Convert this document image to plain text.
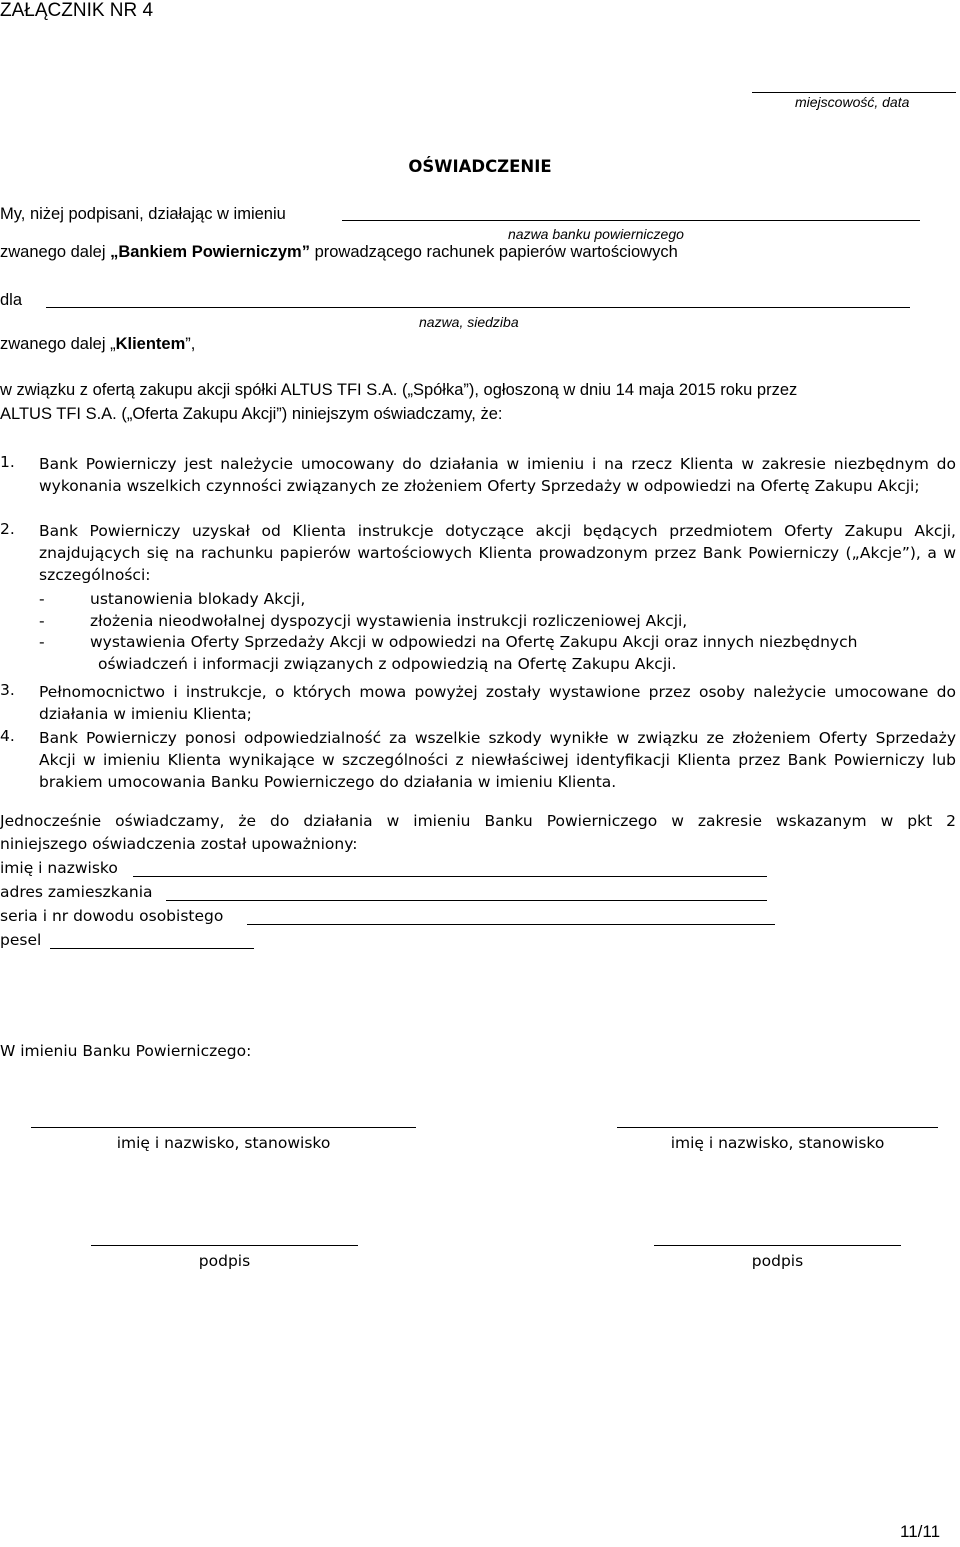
ZAŁĄCZNIK NR 4
miejscowość, data
OŚWIADCZENIE
My, niżej podpisani, działając w imieniu
nazwa banku powierniczego
zwanego dalej „Bankiem Powierniczym” prowadzącego rachunek papierów wartościowych
dla
nazwa, siedziba
zwanego dalej „Klientem”,
w związku z ofertą zakupu akcji spółki ALTUS TFI S.A. („Spółka”), ogłoszoną w dniu 14 maja 2015 roku przez
ALTUS TFI S.A. („Oferta Zakupu Akcji”) niniejszym oświadczamy, że:
1. Bank Powierniczy jest należycie umocowany do działania w imieniu i na rzecz Klienta w zakresie niezbędnym do wykonania wszelkich czynności związanych ze złożeniem Oferty Sprzedaży w odpowiedzi na Ofertę Zakupu Akcji;
2. Bank Powierniczy uzyskał od Klienta instrukcje dotyczące akcji będących przedmiotem Oferty Zakupu Akcji, znajdujących się na rachunku papierów wartościowych Klienta prowadzonym przez Bank Powierniczy („Akcje”), a w szczególności:
-	ustanowienia blokady Akcji,
-	złożenia nieodwołalnej dyspozycji wystawienia instrukcji rozliczeniowej Akcji,
-	wystawienia Oferty Sprzedaży Akcji w odpowiedzi na Ofertę Zakupu Akcji oraz innych niezbędnych
oświadczeń i informacji związanych z odpowiedzią na Ofertę Zakupu Akcji.
3. Pełnomocnictwo i instrukcje, o których mowa powyżej zostały wystawione przez osoby należycie umocowane do działania w imieniu Klienta;
4. Bank Powierniczy ponosi odpowiedzialność za wszelkie szkody wynikłe w związku ze złożeniem Oferty Sprzedaży Akcji w imieniu Klienta wynikające w szczególności z niewłaściwej identyfikacji Klienta przez Bank Powierniczy lub brakiem umocowania Banku Powierniczego do działania w imieniu Klienta.
Jednocześnie oświadczamy, że do działania w imieniu Banku Powierniczego w zakresie wskazanym w pkt 2
niniejszego oświadczenia został upoważniony:
imię i nazwisko
adres zamieszkania
seria i nr dowodu osobistego
pesel
W imieniu Banku Powierniczego:
imię i nazwisko, stanowisko	imię i nazwisko, stanowisko
podpis	podpis
11/11
